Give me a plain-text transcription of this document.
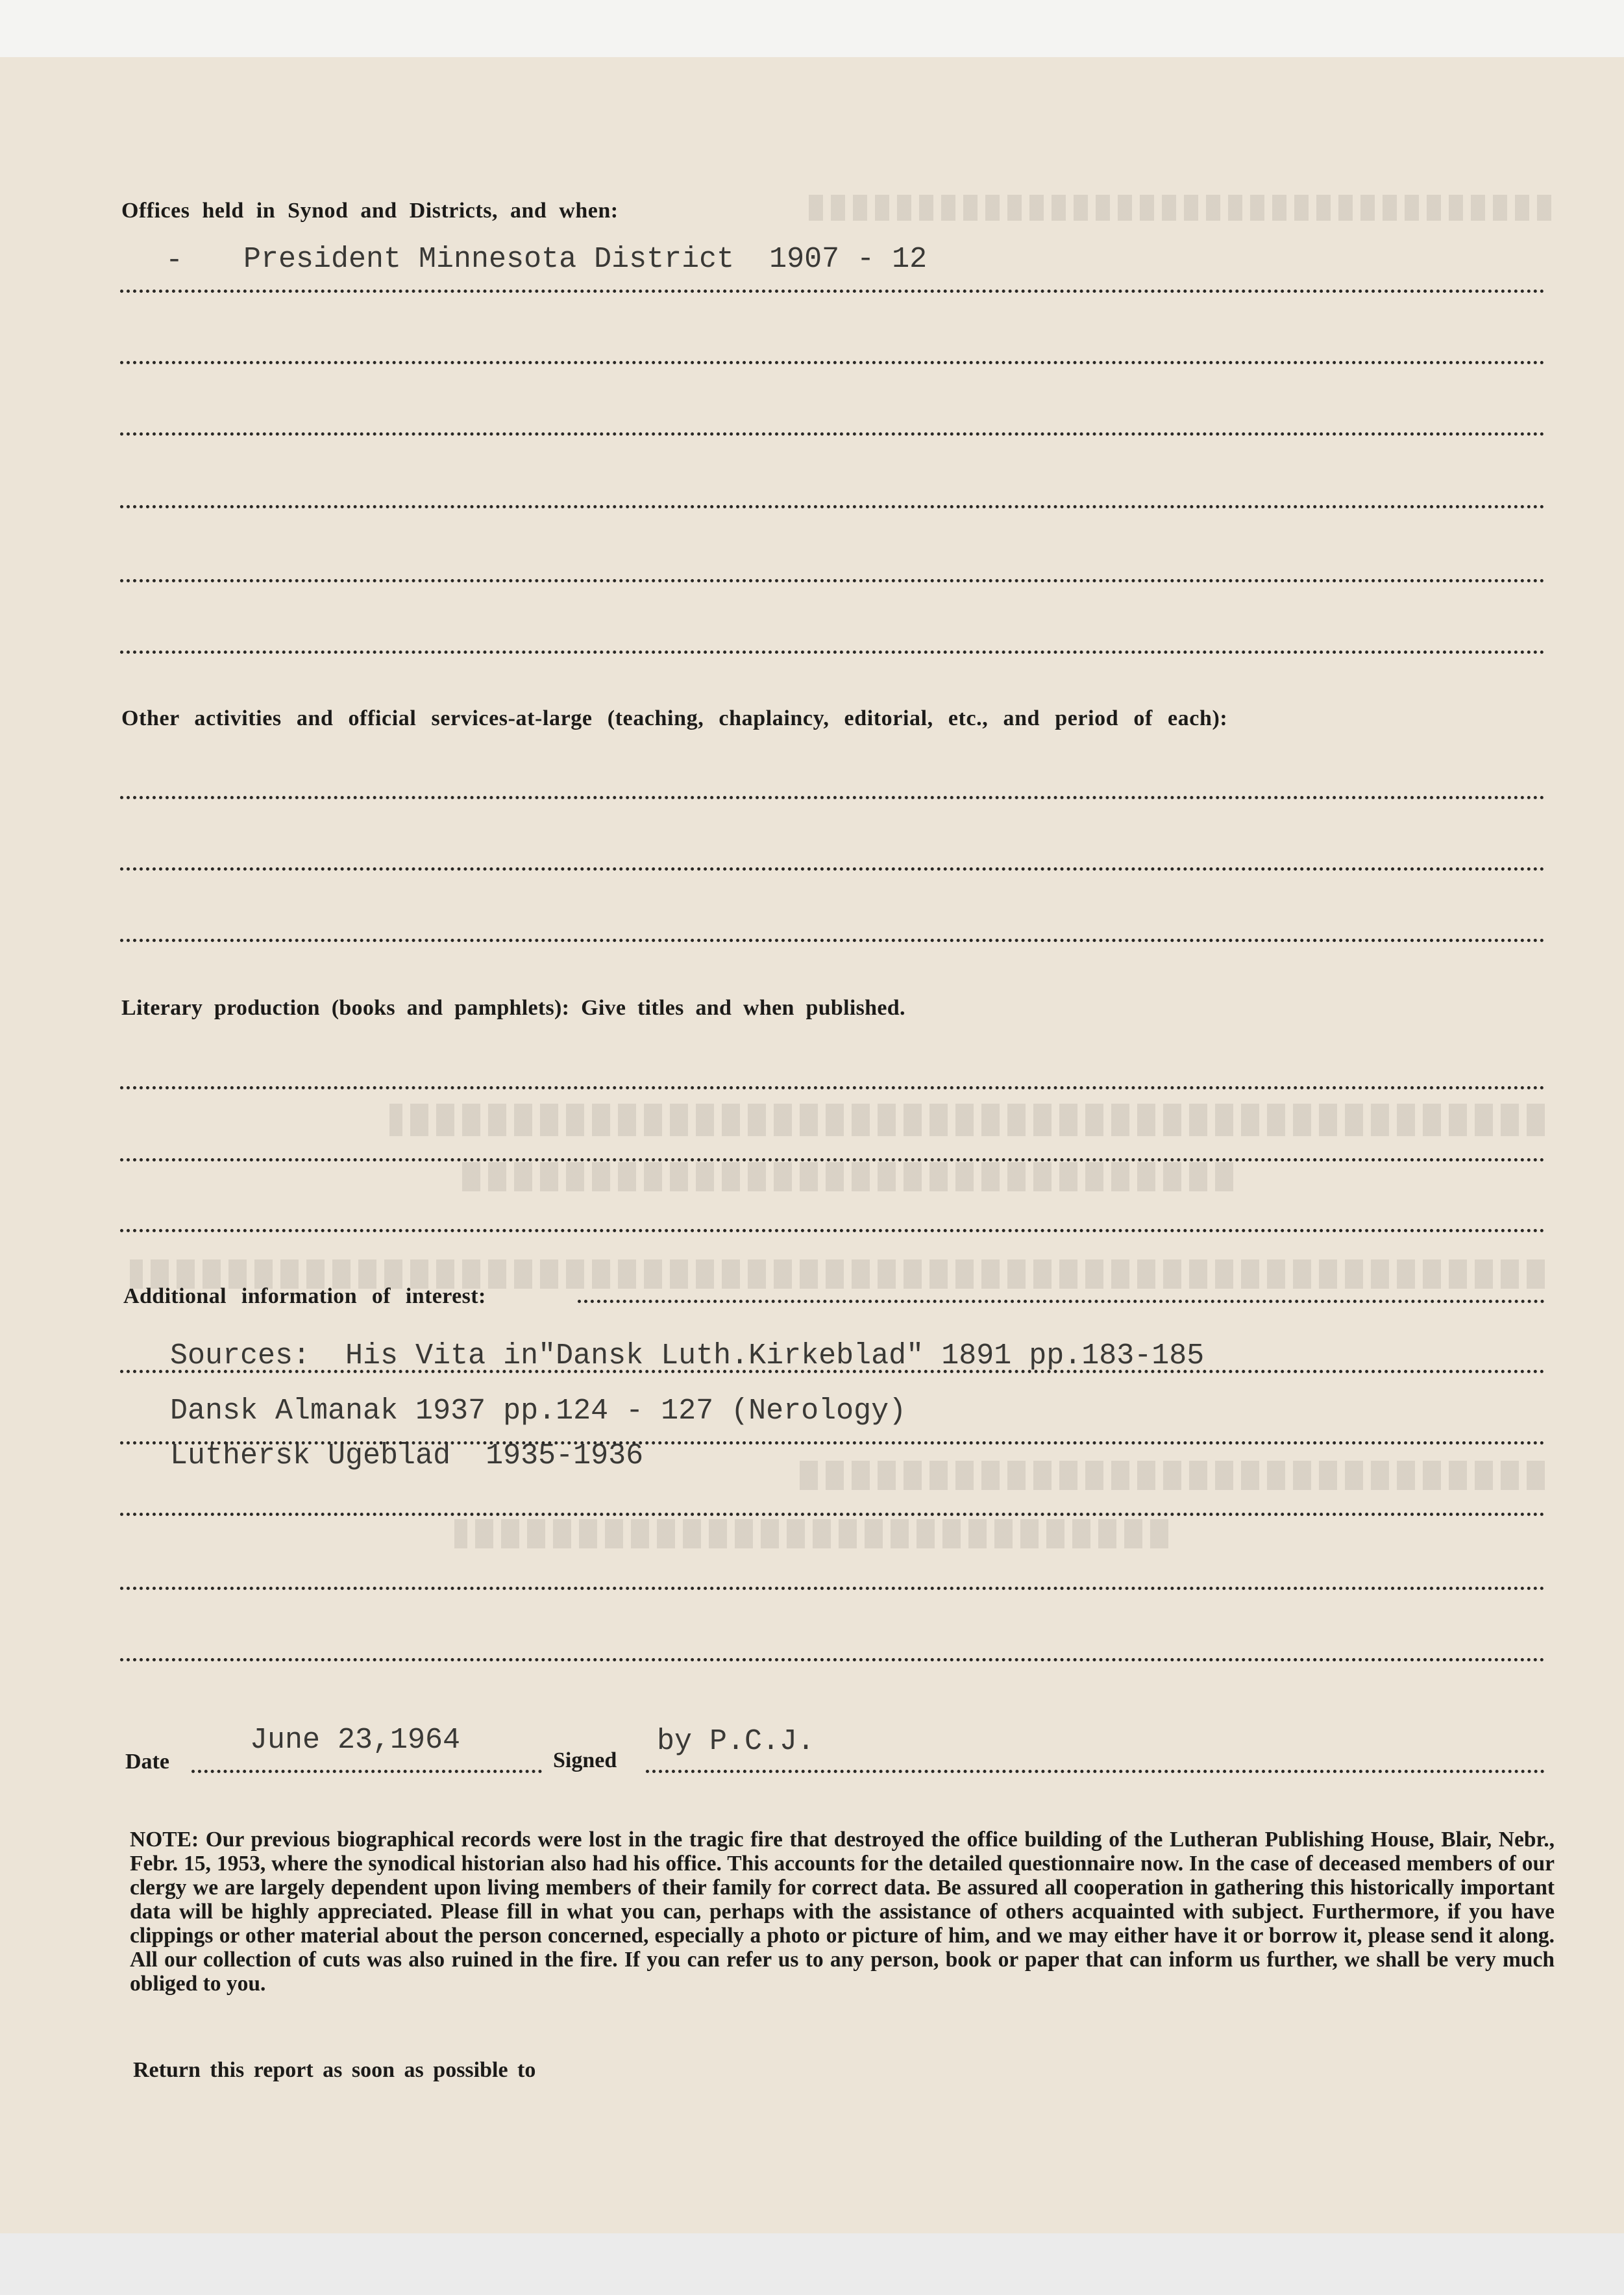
Offices held in Synod and Districts, and when:
- President Minnesota District  1907 - 12
Other activities and official services-at-large (teaching, chaplaincy, editorial, etc., and period of each):
Literary production (books and pamphlets): Give titles and when published.
Additional information of interest:
Sources:  His Vita in"Dansk Luth.Kirkeblad" 1891 pp.183-185
Dansk Almanak 1937 pp.124 - 127 (Nerology)
Luthersk Ugeblad  1935-1936
Date
June 23,1964
Signed
by P.C.J.
NOTE: Our previous biographical records were lost in the tragic fire that destroyed the office building of the Lutheran Publishing House, Blair, Nebr., Febr. 15, 1953, where the synodical historian also had his office. This accounts for the detailed questionnaire now. In the case of deceased members of our clergy we are largely dependent upon living members of their family for correct data. Be assured all cooperation in gathering this historically important data will be highly appreciated. Please fill in what you can, perhaps with the assistance of others acquainted with subject. Furthermore, if you have clippings or other material about the person concerned, especially a photo or picture of him, and we may either have it or borrow it, please send it along. All our collection of cuts was also ruined in the fire. If you can refer us to any person, book or paper that can inform us further, we shall be very much obliged to you.
Return this report as soon as possible to
